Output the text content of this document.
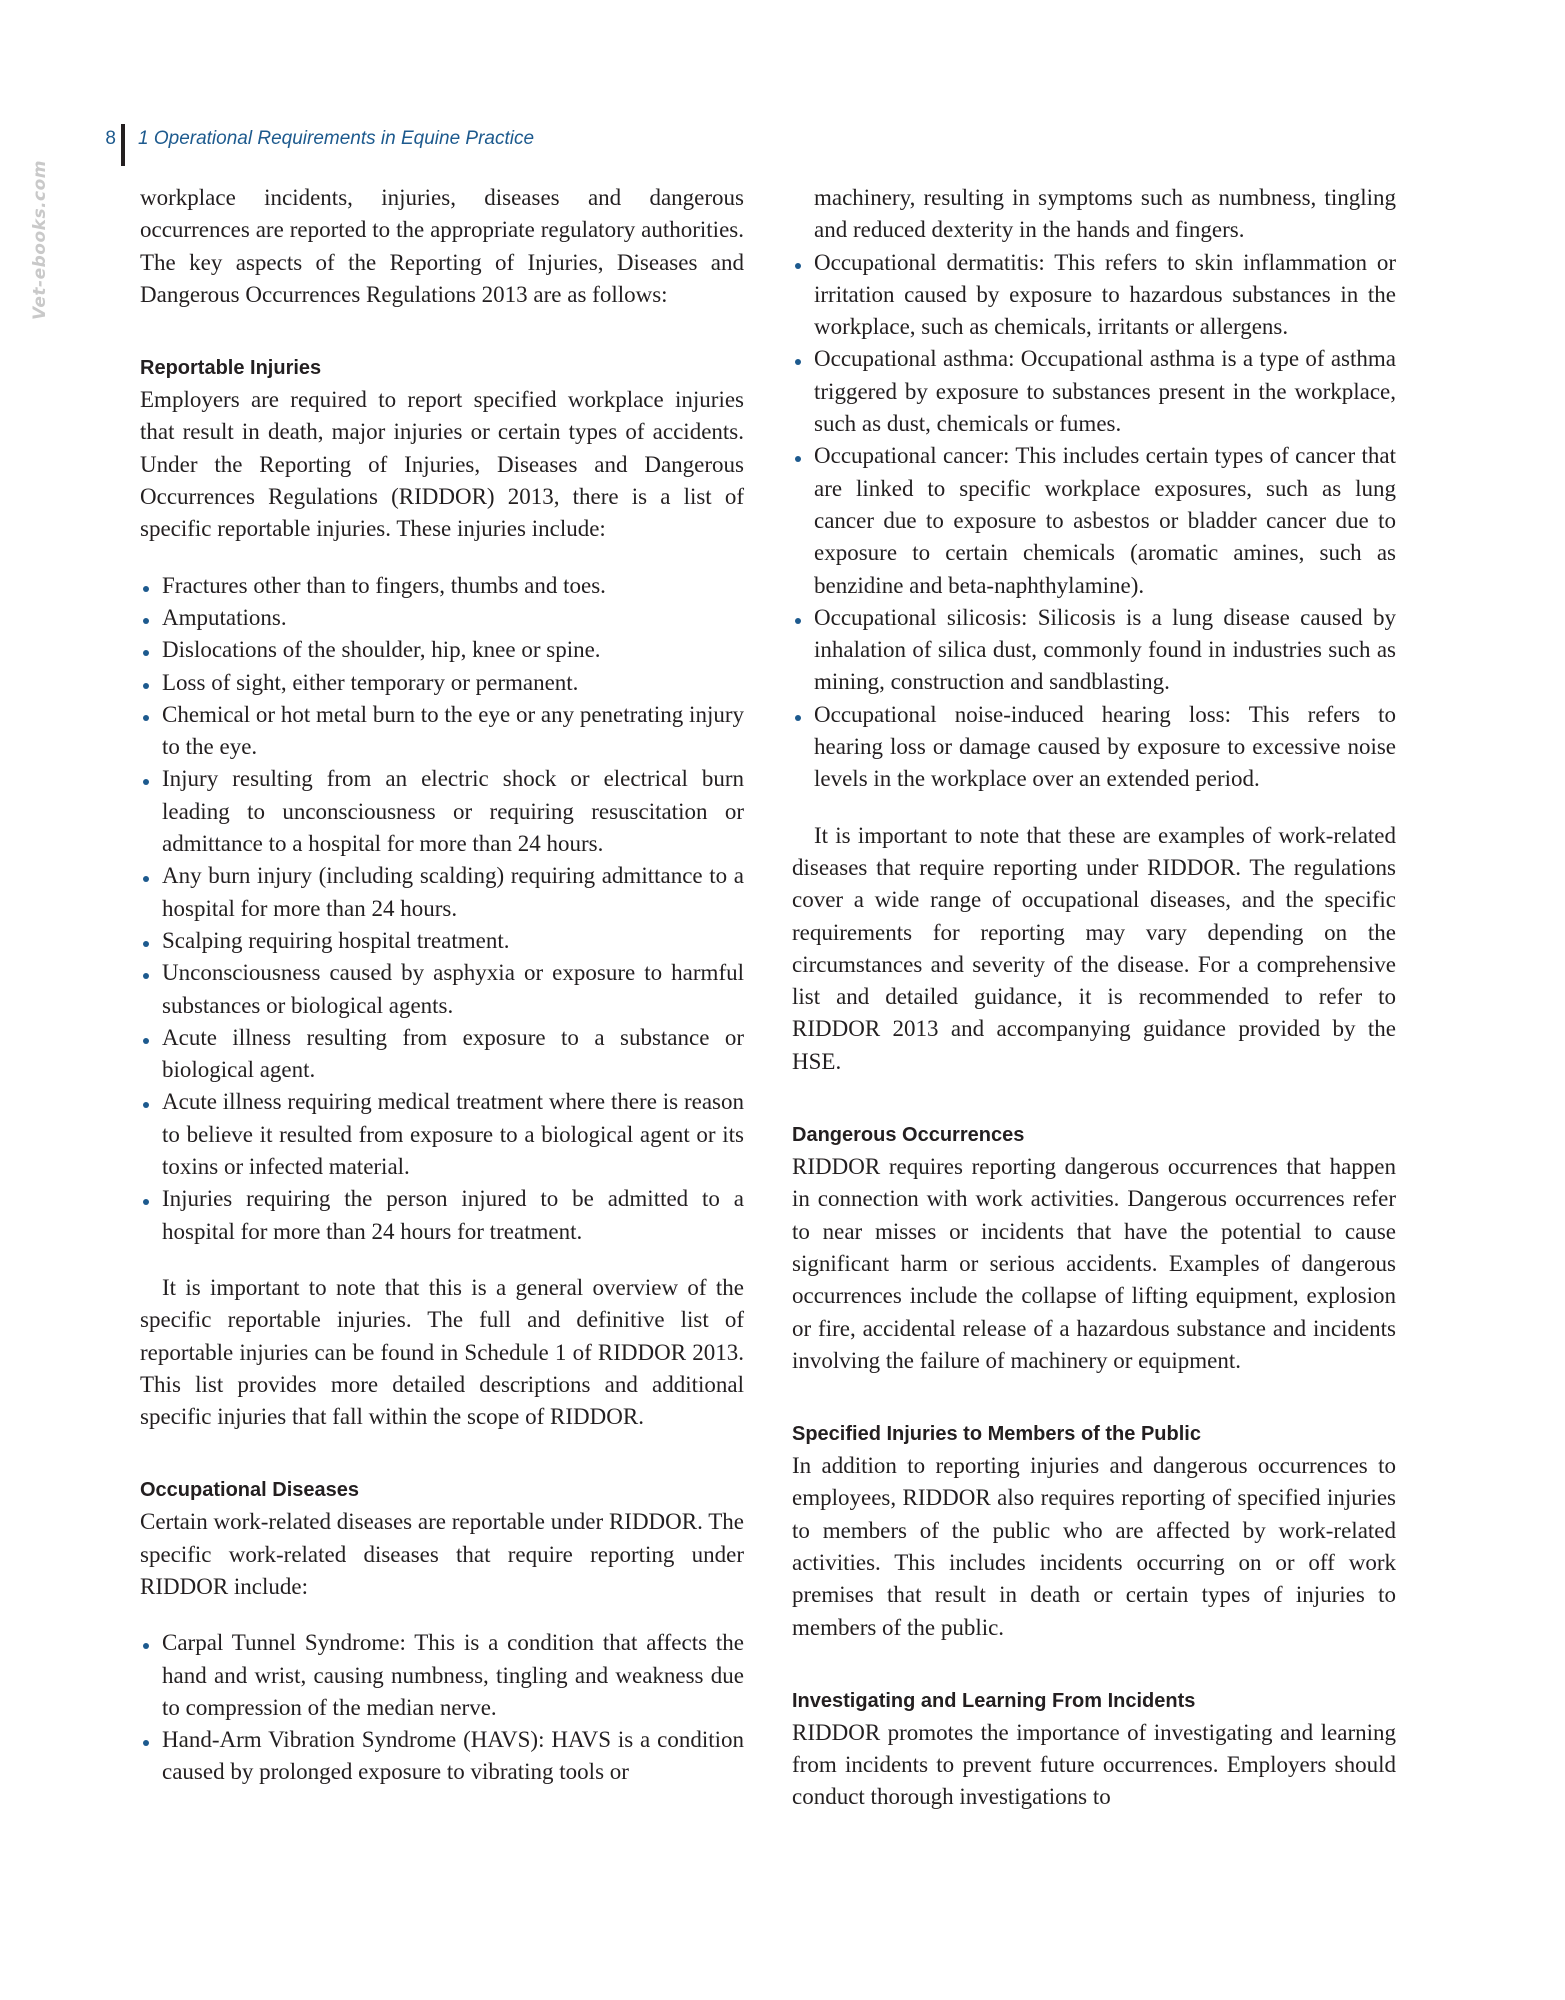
8 1 Operational Requirements in Equine Practice
Vet-ebooks.com	workplace incidents, injuries, diseases and dangerous occurrences are reported to the appropriate regulatory authorities. The key aspects of the Reporting of Injuries, Diseases and Dangerous Occurrences Regulations 2013 are as follows:

Reportable Injuries

Employers are required to report specified workplace injuries that result in death, major injuries or certain types of accidents. Under the Reporting of Injuries, Diseases and Dangerous Occurrences Regulations (RIDDOR) 2013, there is a list of specific reportable injuries. These injuries include:

Fractures other than to fingers, thumbs and toes.
Amputations.
Dislocations of the shoulder, hip, knee or spine.
Loss of sight, either temporary or permanent.
Chemical or hot metal burn to the eye or any penetrating injury to the eye.
Injury resulting from an electric shock or electrical burn leading to unconsciousness or requiring resuscitation or admittance to a hospital for more than 24 hours.
Any burn injury (including scalding) requiring admittance to a hospital for more than 24 hours.
Scalping requiring hospital treatment.
Unconsciousness caused by asphyxia or exposure to harmful substances or biological agents.
Acute illness resulting from exposure to a substance or biological agent.
Acute illness requiring medical treatment where there is reason to believe it resulted from exposure to a biological agent or its toxins or infected material.
Injuries requiring the person injured to be admitted to a hospital for more than 24 hours for treatment.

It is important to note that this is a general overview of the specific reportable injuries. The full and definitive list of reportable injuries can be found in Schedule 1 of RIDDOR 2013. This list provides more detailed descriptions and additional specific injuries that fall within the scope of RIDDOR.

Occupational Diseases

Certain work-related diseases are reportable under RIDDOR. The specific work-related diseases that require reporting under RIDDOR include:

Carpal Tunnel Syndrome: This is a condition that affects the hand and wrist, causing numbness, tingling and weakness due to compression of the median nerve.
Hand-Arm Vibration Syndrome (HAVS): HAVS is a condition caused by prolonged exposure to vibrating tools or

machinery, resulting in symptoms such as numbness, tingling and reduced dexterity in the hands and fingers.

Occupational dermatitis: This refers to skin inflammation or irritation caused by exposure to hazardous substances in the workplace, such as chemicals, irritants or allergens.
Occupational asthma: Occupational asthma is a type of asthma triggered by exposure to substances present in the workplace, such as dust, chemicals or fumes.
Occupational cancer: This includes certain types of cancer that are linked to specific workplace exposures, such as lung cancer due to exposure to asbestos or bladder cancer due to exposure to certain chemicals (aromatic amines, such as benzidine and beta-naphthylamine).
Occupational silicosis: Silicosis is a lung disease caused by inhalation of silica dust, commonly found in industries such as mining, construction and sandblasting.
Occupational noise-induced hearing loss: This refers to hearing loss or damage caused by exposure to excessive noise levels in the workplace over an extended period.

It is important to note that these are examples of work-related diseases that require reporting under RIDDOR. The regulations cover a wide range of occupational diseases, and the specific requirements for reporting may vary depending on the circumstances and severity of the disease. For a comprehensive list and detailed guidance, it is recommended to refer to RIDDOR 2013 and accompanying guidance provided by the HSE.

Dangerous Occurrences

RIDDOR requires reporting dangerous occurrences that happen in connection with work activities. Dangerous occurrences refer to near misses or incidents that have the potential to cause significant harm or serious accidents. Examples of dangerous occurrences include the collapse of lifting equipment, explosion or fire, accidental release of a hazardous substance and incidents involving the failure of machinery or equipment.

Specified Injuries to Members of the Public

In addition to reporting injuries and dangerous occurrences to employees, RIDDOR also requires reporting of specified injuries to members of the public who are affected by work-related activities. This includes incidents occurring on or off work premises that result in death or certain types of injuries to members of the public.

Investigating and Learning From Incidents

RIDDOR promotes the importance of investigating and learning from incidents to prevent future occurrences. Employers should conduct thorough investigations to
